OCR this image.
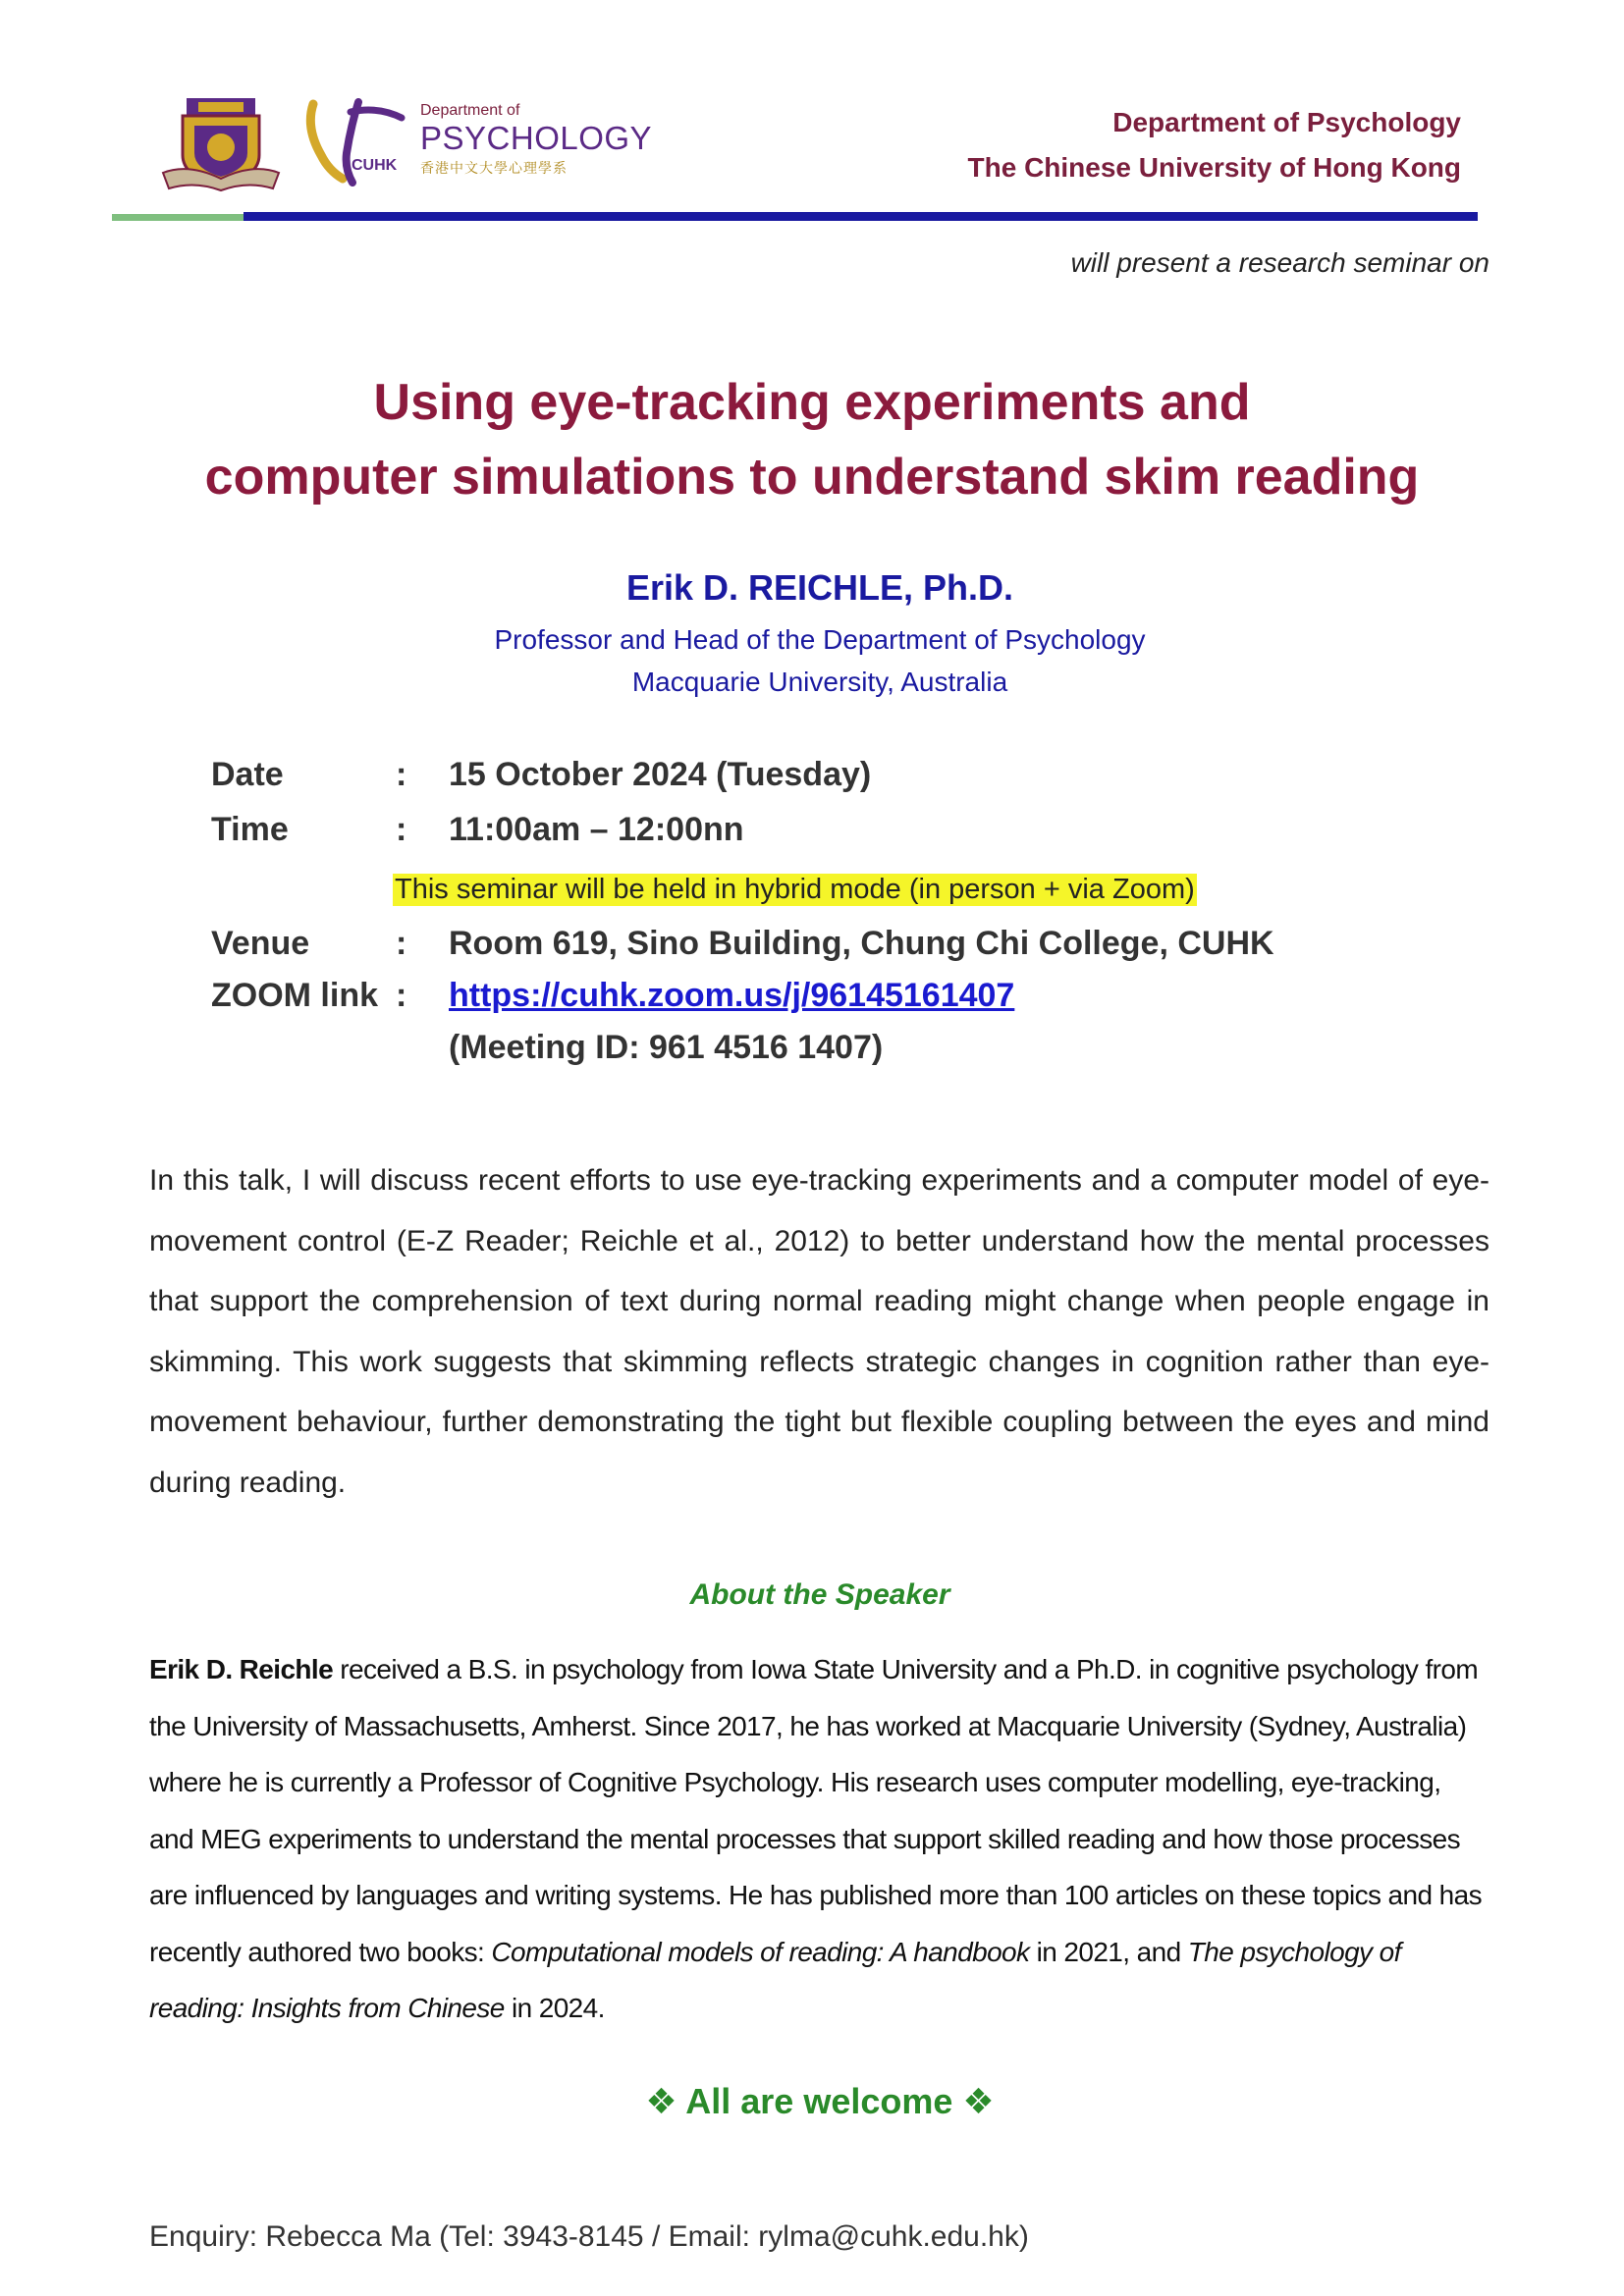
Department of
PSYCHOLOGY
CUHK 香港中文大學心理學系
Department of Psychology
The Chinese University of Hong Kong
will present a research seminar on
Using eye-tracking experiments and
computer simulations to understand skim reading
Erik D. REICHLE, Ph.D.
Professor and Head of the Department of Psychology
Macquarie University, Australia
Date	: 15 October 2024 (Tuesday)
Time	: 11:00am – 12:00nn
This seminar will be held in hybrid mode (in person + via Zoom)
Venue	: Room 619, Sino Building, Chung Chi College, CUHK
ZOOM link : https://cuhk.zoom.us/j/96145161407
(Meeting ID: 961 4516 1407)
In this talk, I will discuss recent efforts to use eye-tracking experiments and a computer model of eye-movement control (E-Z Reader; Reichle et al., 2012) to better understand how the mental processes that support the comprehension of text during normal reading might change when people engage in skimming. This work suggests that skimming reflects strategic changes in cognition rather than eye-movement behaviour, further demonstrating the tight but flexible coupling between the eyes and mind during reading.
About the Speaker
Erik D. Reichle received a B.S. in psychology from Iowa State University and a Ph.D. in cognitive psychology from the University of Massachusetts, Amherst. Since 2017, he has worked at Macquarie University (Sydney, Australia) where he is currently a Professor of Cognitive Psychology. His research uses computer modelling, eye-tracking, and MEG experiments to understand the mental processes that support skilled reading and how those processes are influenced by languages and writing systems. He has published more than 100 articles on these topics and has recently authored two books: Computational models of reading: A handbook in 2021, and The psychology of reading: Insights from Chinese in 2024.
❖ All are welcome ❖
Enquiry: Rebecca Ma (Tel: 3943-8145 / Email: rylma@cuhk.edu.hk)
